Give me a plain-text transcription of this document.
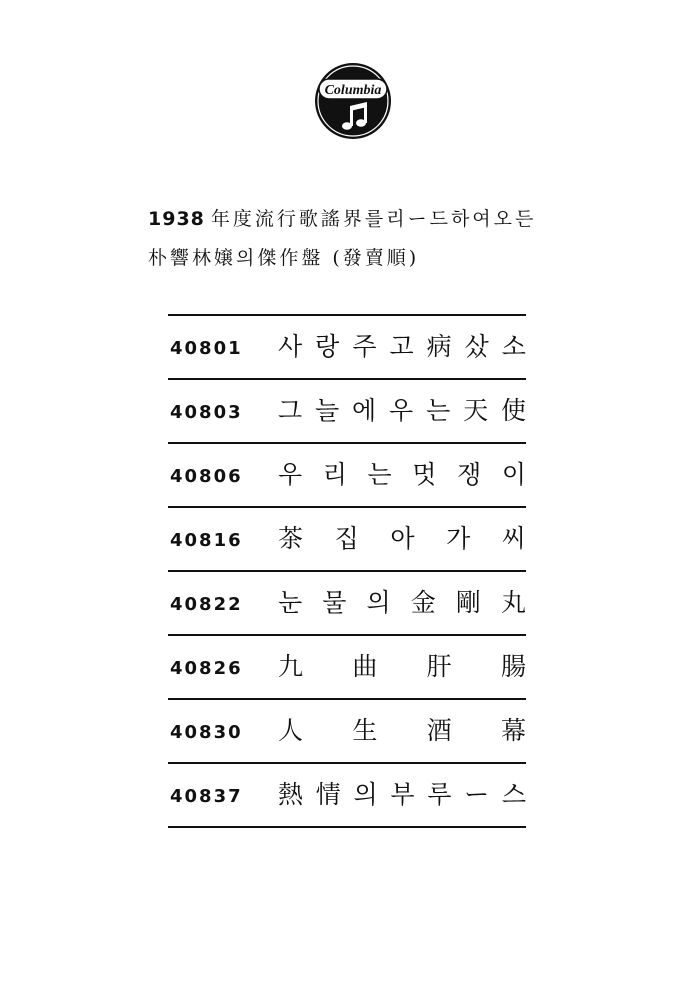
Columbia
1938 年度流行歌謠界를리ー드하여오든
朴響林嬢의傑作盤 (發賣順)
40801 사 랑 주 고 病 샀 소
40803 그 늘 에 우 는 天 使
40806 우 리 는 멋 쟁 이
40816 茶 집 아 가 씨
40822 눈 물 의 金 剛 丸
40826 九 曲 肝 腸
40830 人 生 酒 幕
40837 熱 情 의 부 루 ー 스
